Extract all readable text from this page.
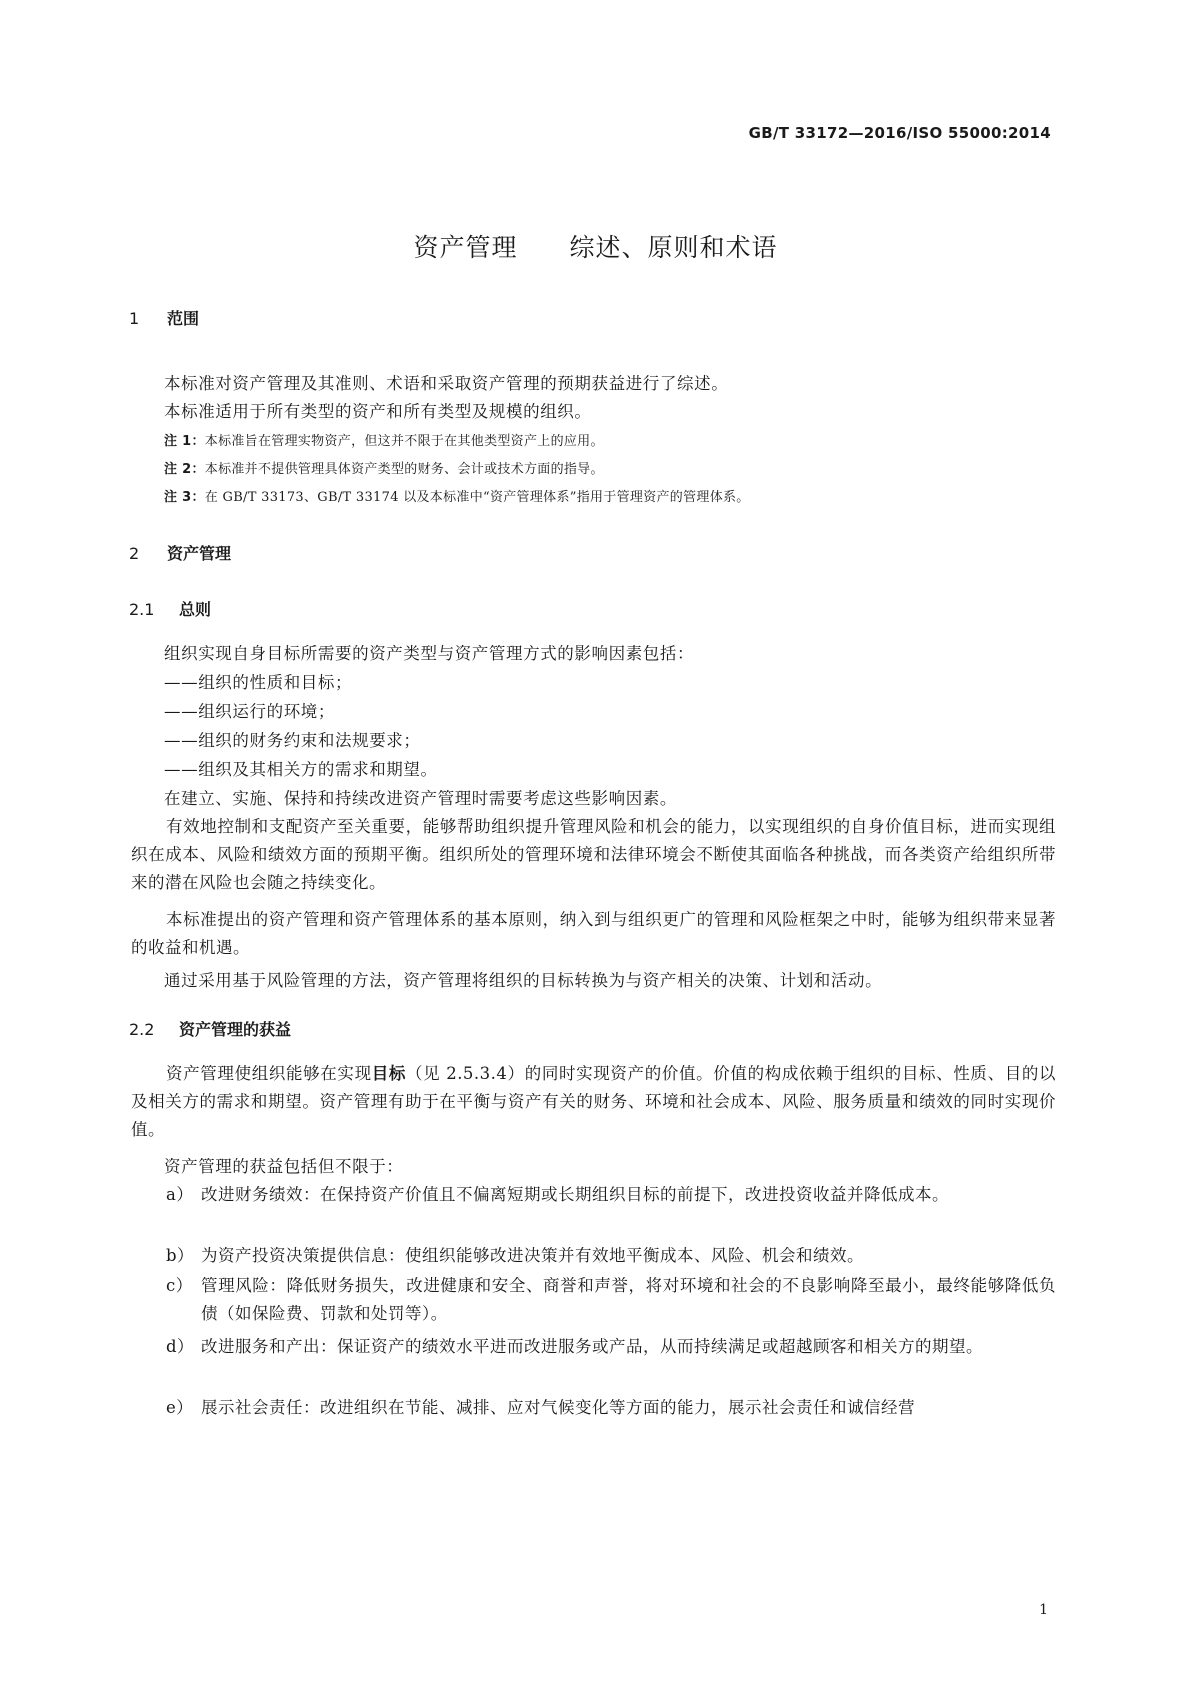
GB/T 33172—2016/ISO 55000:2014
资产管理　　综述、原则和术语
1 范围
本标准对资产管理及其准则、术语和采取资产管理的预期获益进行了综述。
本标准适用于所有类型的资产和所有类型及规模的组织。
注 1：本标准旨在管理实物资产，但这并不限于在其他类型资产上的应用。
注 2：本标准并不提供管理具体资产类型的财务、会计或技术方面的指导。
注 3：在 GB/T 33173、GB/T 33174 以及本标准中“资产管理体系”指用于管理资产的管理体系。
2 资产管理
2.1 总则
组织实现自身目标所需要的资产类型与资产管理方式的影响因素包括：
——组织的性质和目标；
——组织运行的环境；
——组织的财务约束和法规要求；
——组织及其相关方的需求和期望。
在建立、实施、保持和持续改进资产管理时需要考虑这些影响因素。

有效地控制和支配资产至关重要，能够帮助组织提升管理风险和机会的能力，以实现组织的自身价值目标，进而实现组织在成本、风险和绩效方面的预期平衡。组织所处的管理环境和法律环境会不断使其面临各种挑战，而各类资产给组织所带来的潜在风险也会随之持续变化。

本标准提出的资产管理和资产管理体系的基本原则，纳入到与组织更广的管理和风险框架之中时，能够为组织带来显著的收益和机遇。

通过采用基于风险管理的方法，资产管理将组织的目标转换为与资产相关的决策、计划和活动。
2.2 资产管理的获益

资产管理使组织能够在实现目标（见 2.5.3.4）的同时实现资产的价值。价值的构成依赖于组织的目标、性质、目的以及相关方的需求和期望。资产管理有助于在平衡与资产有关的财务、环境和社会成本、风险、服务质量和绩效的同时实现价值。

资产管理的获益包括但不限于：
a） 改进财务绩效：在保持资产价值且不偏离短期或长期组织目标的前提下，改进投资收益并降低成本。
b） 为资产投资决策提供信息：使组织能够改进决策并有效地平衡成本、风险、机会和绩效。
c） 管理风险：降低财务损失，改进健康和安全、商誉和声誉，将对环境和社会的不良影响降至最小，最终能够降低负债（如保险费、罚款和处罚等）。
d） 改进服务和产出：保证资产的绩效水平进而改进服务或产品，从而持续满足或超越顾客和相关方的期望。
e） 展示社会责任：改进组织在节能、减排、应对气候变化等方面的能力，展示社会责任和诚信经营
1
